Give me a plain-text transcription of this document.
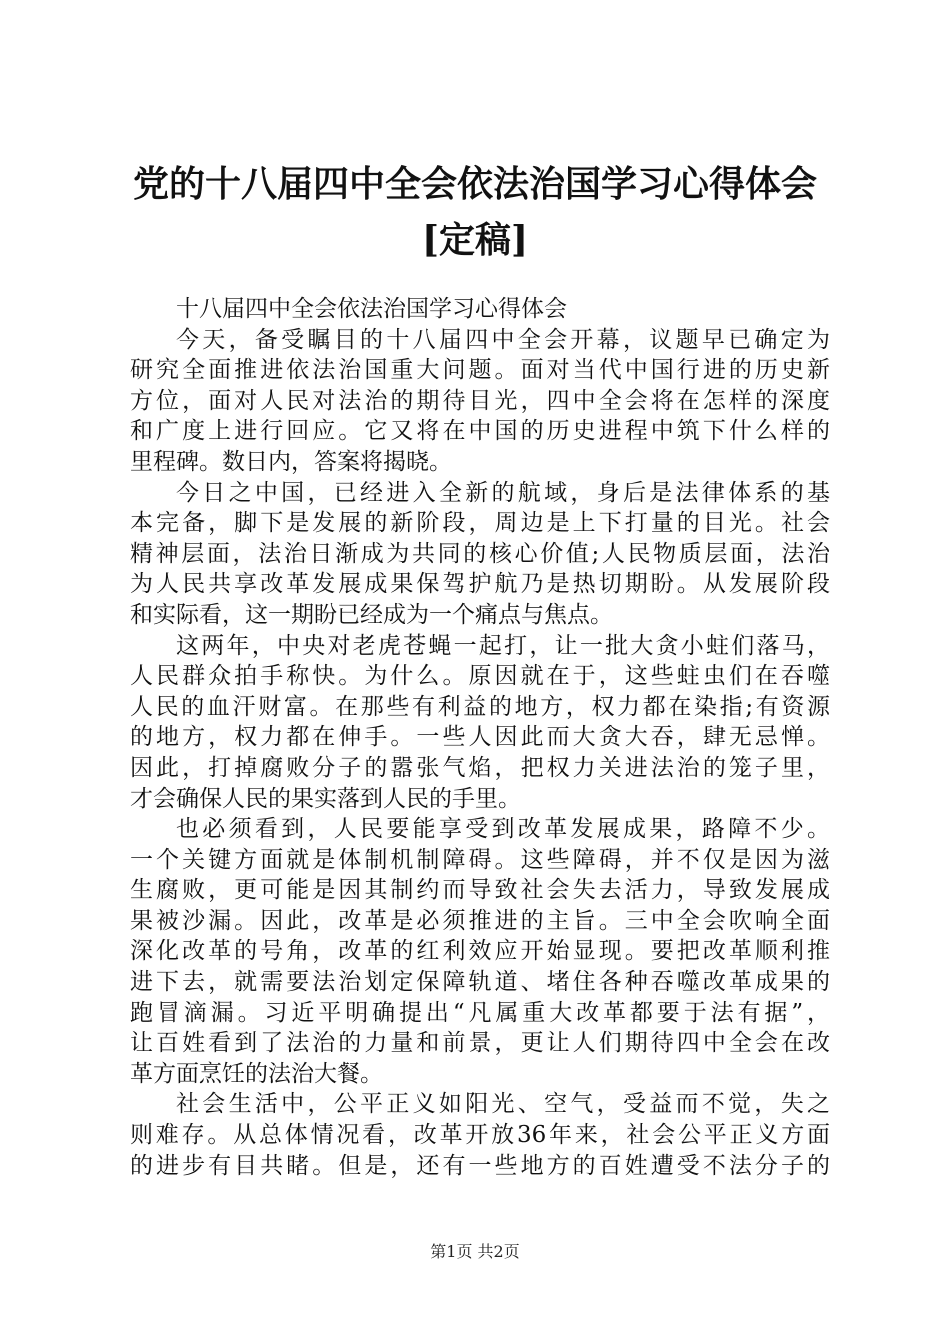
党的十八届四中全会依法治国学习心得体会
[定稿]
十八届四中全会依法治国学习心得体会
今天，备受瞩目的十八届四中全会开幕，议题早已确定为
研究全面推进依法治国重大问题。面对当代中国行进的历史新
方位，面对人民对法治的期待目光，四中全会将在怎样的深度
和广度上进行回应。它又将在中国的历史进程中筑下什么样的
里程碑。数日内，答案将揭晓。
今日之中国，已经进入全新的航域，身后是法律体系的基
本完备，脚下是发展的新阶段，周边是上下打量的目光。社会
精神层面，法治日渐成为共同的核心价值;人民物质层面，法治
为人民共享改革发展成果保驾护航乃是热切期盼。从发展阶段
和实际看，这一期盼已经成为一个痛点与焦点。
这两年，中央对老虎苍蝇一起打，让一批大贪小蛀们落马，
人民群众拍手称快。为什么。原因就在于，这些蛀虫们在吞噬
人民的血汗财富。在那些有利益的地方，权力都在染指;有资源
的地方，权力都在伸手。一些人因此而大贪大吞，肆无忌惮。
因此，打掉腐败分子的嚣张气焰，把权力关进法治的笼子里，
才会确保人民的果实落到人民的手里。
也必须看到，人民要能享受到改革发展成果，路障不少。
一个关键方面就是体制机制障碍。这些障碍，并不仅是因为滋
生腐败，更可能是因其制约而导致社会失去活力，导致发展成
果被沙漏。因此，改革是必须推进的主旨。三中全会吹响全面
深化改革的号角，改革的红利效应开始显现。要把改革顺利推
进下去，就需要法治划定保障轨道、堵住各种吞噬改革成果的
跑冒滴漏。习近平明确提出“凡属重大改革都要于法有据”，
让百姓看到了法治的力量和前景，更让人们期待四中全会在改
革方面烹饪的法治大餐。
社会生活中，公平正义如阳光、空气，受益而不觉，失之
则难存。从总体情况看，改革开放36年来，社会公平正义方面
的进步有目共睹。但是，还有一些地方的百姓遭受不法分子的
第1页 共2页
